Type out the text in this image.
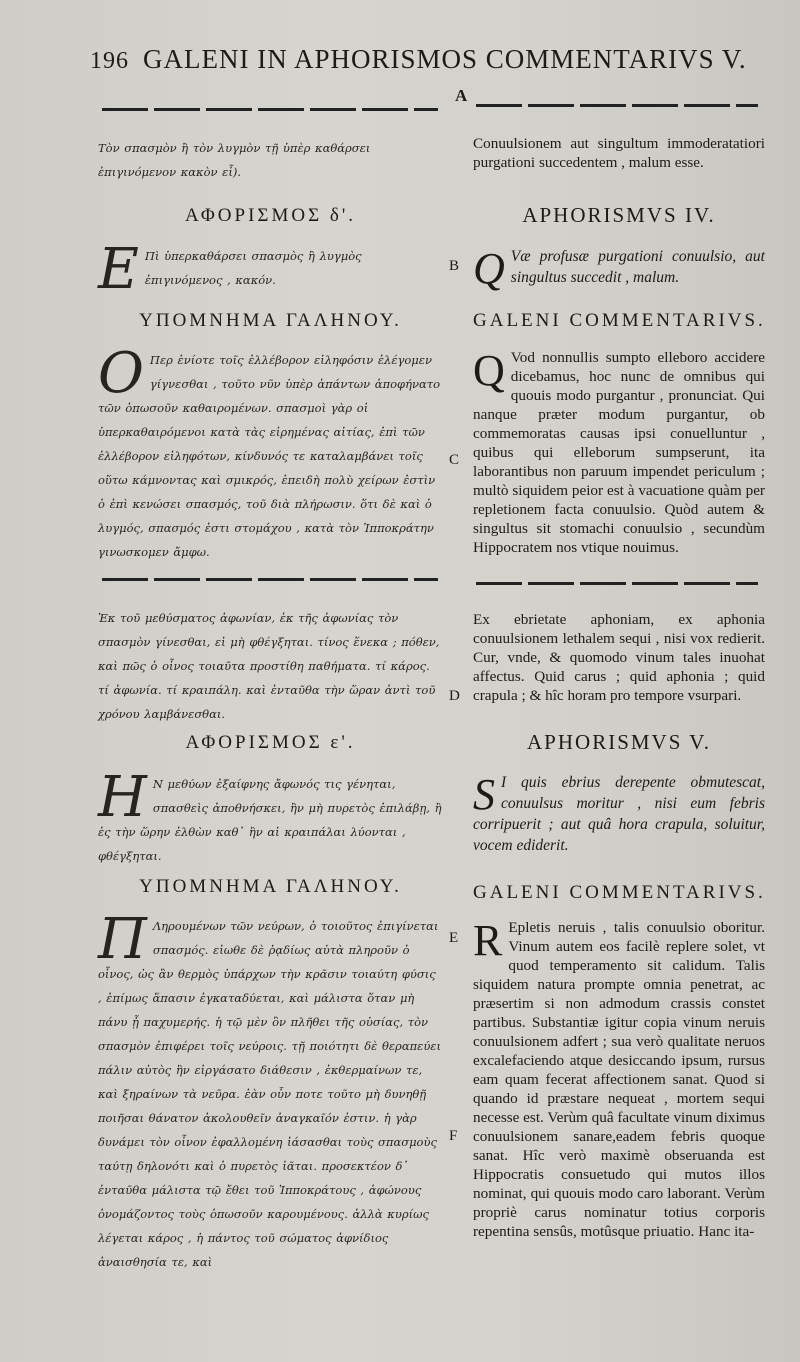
196 GALENI IN APHORISMOS COMMENTARIVS V.
A
Τὸν σπασμὸν ἢ τὸν λυγμὸν τῇ ὑπὲρ καθάρσει ἐπιγινόμενον κακὸν εἶ).
Conuulsionem aut singultum immoderatatiori purgationi succedentem , malum esse.
ΑΦΟΡΙΣΜΟΣ δ'.	APHORISMVS IV.
E Πὶ ὑπερκαθάρσει σπασμὸς ἢ λυγμὸς ἐπιγινόμενος , κακόν.
B Q Væ profusæ purgationi conuulsio, aut singultus succedit , malum.
ΥΠΟΜΝΗΜΑ ΓΑΛΗΝΟΥ.	GALENI COMMENTARIVS.
O Περ ἐνίοτε τοῖς ἐλλέβορον εἰληφόσιν ἐλέγομεν γίγνεσθαι , τοῦτο νῦν ὑπὲρ ἁπάντων ἀποφήνατο τῶν ὁπωσοῦν καθαιρομένων. σπασμοὶ γὰρ οἱ ὑπερκαθαιρόμενοι κατὰ τὰς εἰρημένας αἰτίας, ἐπὶ τῶν ἐλλέβορον εἰληφότων, κίνδυνός τε καταλαμβάνει τοῖς οὕτω κάμνοντας καὶ σμικρός, ἐπειδὴ πολὺ χείρων ἐστὶν ὁ ἐπὶ κενώσει σπασμός, τοῦ διὰ πλήρωσιν. ὅτι δὲ καὶ ὁ λυγμός, σπασμός ἐστι στομάχου , κατὰ τὸν Ἱπποκράτην γινωσκομεν ἄμφω.
C
Q Vod nonnullis sumpto elleboro accidere dicebamus, hoc nunc de omnibus qui quouis modo purgantur , pronunciat. Qui nanque præter modum purgantur, ob commemoratas causas ipsi conuelluntur , quibus qui elleborum sumpserunt, ita laborantibus non paruum impendet periculum ; multò siquidem peior est à vacuatione quàm per repletionem facta conuulsio. Quòd autem & singultus sit stomachi conuulsio , secundùm Hippocratem nos vtique nouimus.
Ἐκ τοῦ μεθύσματος ἀφωνίαν, ἐκ τῆς ἀφωνίας τὸν σπασμὸν γίνεσθαι, εἰ μὴ φθέγξηται. τίνος ἕνεκα ; πόθεν, καὶ πῶς ὁ οἶνος τοιαῦτα προστίθη παθήματα. τί κάρος. τί ἀφωνία. τί κραιπάλη. καὶ ἐνταῦθα τὴν ὥραν ἀντὶ τοῦ χρόνου λαμβάνεσθαι.
D
Ex ebrietate aphoniam, ex aphonia conuulsionem lethalem sequi , nisi vox redierit. Cur, vnde, & quomodo vinum tales inuohat affectus. Quid carus ; quid aphonia ; quid crapula ; & hîc horam pro tempore vsurpari.
ΑΦΟΡΙΣΜΟΣ ε'.	APHORISMVS V.
H Ν μεθύων ἐξαίφνης ἄφωνός τις γένηται, σπασθεὶς ἀποθνήσκει, ἢν μὴ πυρετὸς ἐπιλάβῃ, ἢ ἐς τὴν ὥρην ἐλθὼν καθ᾽ ἣν αἱ κραιπάλαι λύονται , φθέγξηται.
S I quis ebrius derepente obmutescat, conuulsus moritur , nisi eum febris corripuerit ; aut quâ hora crapula, soluitur, vocem ediderit.
ΥΠΟΜΝΗΜΑ ΓΑΛΗΝΟΥ.	GALENI COMMENTARIVS.
Π Ληρουμένων τῶν νεύρων, ὁ τοιοῦτος ἐπιγίνεται σπασμός. εἰωθε δὲ ῥᾳδίως αὐτὰ πληροῦν ὁ οἶνος, ὡς ἂν θερμὸς ὑπάρχων τὴν κρᾶσιν τοιαύτη φύσις , ἐπίμως ἅπασιν ἐγκαταδύεται, καὶ μάλιστα ὅταν μὴ πάνυ ᾖ παχυμερής. ἡ τῷ μὲν ὂν πλῆθει τῆς οὐσίας, τὸν σπασμὸν ἐπιφέρει τοῖς νεύροις. τῇ ποιότητι δὲ θεραπεύει πάλιν αὐτὸς ἣν εἰργάσατο διάθεσιν , ἐκθερμαίνων τε, καὶ ξηραίνων τὰ νεῦρα. ἐὰν οὖν ποτε τοῦτο μὴ δυνηθῇ ποιῆσαι θάνατον ἀκολουθεῖν ἀναγκαῖόν ἐστιν. ἡ γὰρ δυνάμει τὸν οἶνον ἐφαλλομένη ἰάσασθαι τοὺς σπασμοὺς ταύτῃ δηλονότι καὶ ὁ πυρετὸς ἰᾶται. προσεκτέον δ᾽ ἐνταῦθα μάλιστα τῷ ἔθει τοῦ Ἱπποκράτους , ἀφώνους ὀνομάζοντος τοὺς ὁπωσοῦν καρουμένους. ἀλλὰ κυρίως λέγεται κάρος , ἡ πάντος τοῦ σώματος ἀφνίδιος ἀναισθησία τε, καὶ
E
F
R Epletis neruis , talis conuulsio oboritur. Vinum autem eos facilè replere solet, vt quod temperamento sit calidum. Talis siquidem natura prompte omnia penetrat, ac præsertim si non admodum crassis constet partibus. Substantiæ igitur copia vinum neruis conuulsionem adfert ; sua verò qualitate neruos excalefaciendo atque desiccando ipsum, rursus eam quam fecerat affectionem sanat. Quod si quando id præstare nequeat , mortem sequi necesse est. Verùm quâ facultate vinum diximus conuulsionem sanare,eadem febris quoque sanat. Hîc verò maximè obseruanda est Hippocratis consuetudo qui mutos illos nominat, qui quouis modo caro laborant. Verùm propriè carus nominatur totius corporis repentina sensûs, motûsque priuatio. Hanc ita-
